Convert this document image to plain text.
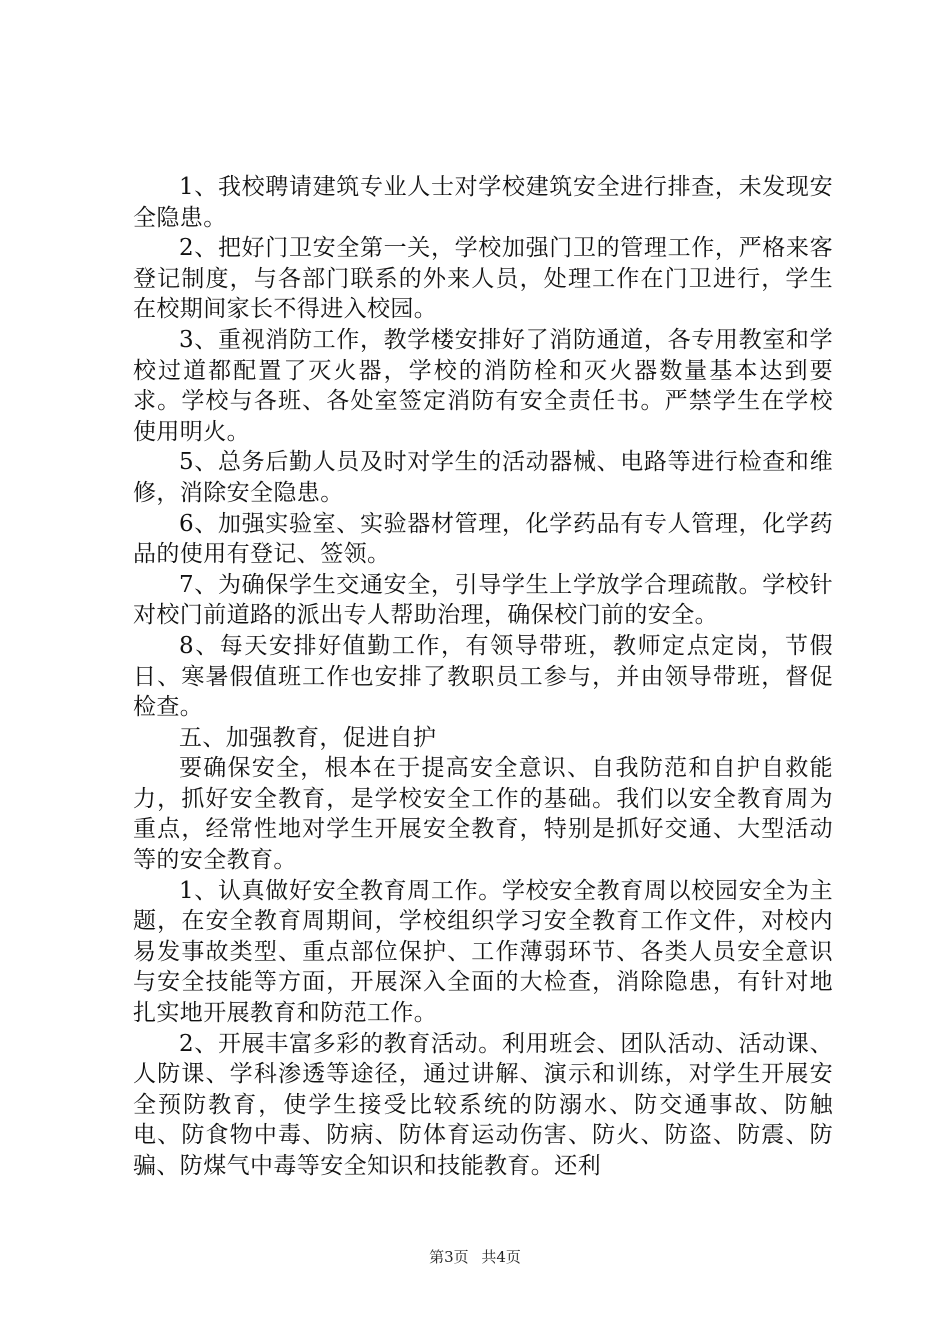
1、我校聘请建筑专业人士对学校建筑安全进行排查，未发现安全隐患。

2、把好门卫安全第一关，学校加强门卫的管理工作，严格来客登记制度，与各部门联系的外来人员，处理工作在门卫进行，学生在校期间家长不得进入校园。

3、重视消防工作，教学楼安排好了消防通道，各专用教室和学校过道都配置了灭火器，学校的消防栓和灭火器数量基本达到要求。学校与各班、各处室签定消防有安全责任书。严禁学生在学校使用明火。

5、总务后勤人员及时对学生的活动器械、电路等进行检查和维修，消除安全隐患。

6、加强实验室、实验器材管理，化学药品有专人管理，化学药品的使用有登记、签领。

7、为确保学生交通安全，引导学生上学放学合理疏散。学校针对校门前道路的派出专人帮助治理，确保校门前的安全。

8、每天安排好值勤工作，有领导带班，教师定点定岗，节假日、寒暑假值班工作也安排了教职员工参与，并由领导带班，督促检查。

五、加强教育，促进自护

要确保安全，根本在于提高安全意识、自我防范和自护自救能力，抓好安全教育，是学校安全工作的基础。我们以安全教育周为重点，经常性地对学生开展安全教育，特别是抓好交通、大型活动等的安全教育。

1、认真做好安全教育周工作。学校安全教育周以校园安全为主题，在安全教育周期间，学校组织学习安全教育工作文件，对校内易发事故类型、重点部位保护、工作薄弱环节、各类人员安全意识与安全技能等方面，开展深入全面的大检查，消除隐患，有针对地扎实地开展教育和防范工作。

2、开展丰富多彩的教育活动。利用班会、团队活动、活动课、人防课、学科渗透等途径，通过讲解、演示和训练，对学生开展安全预防教育，使学生接受比较系统的防溺水、防交通事故、防触电、防食物中毒、防病、防体育运动伤害、防火、防盗、防震、防骗、防煤气中毒等安全知识和技能教育。还利

第3页 共4页
